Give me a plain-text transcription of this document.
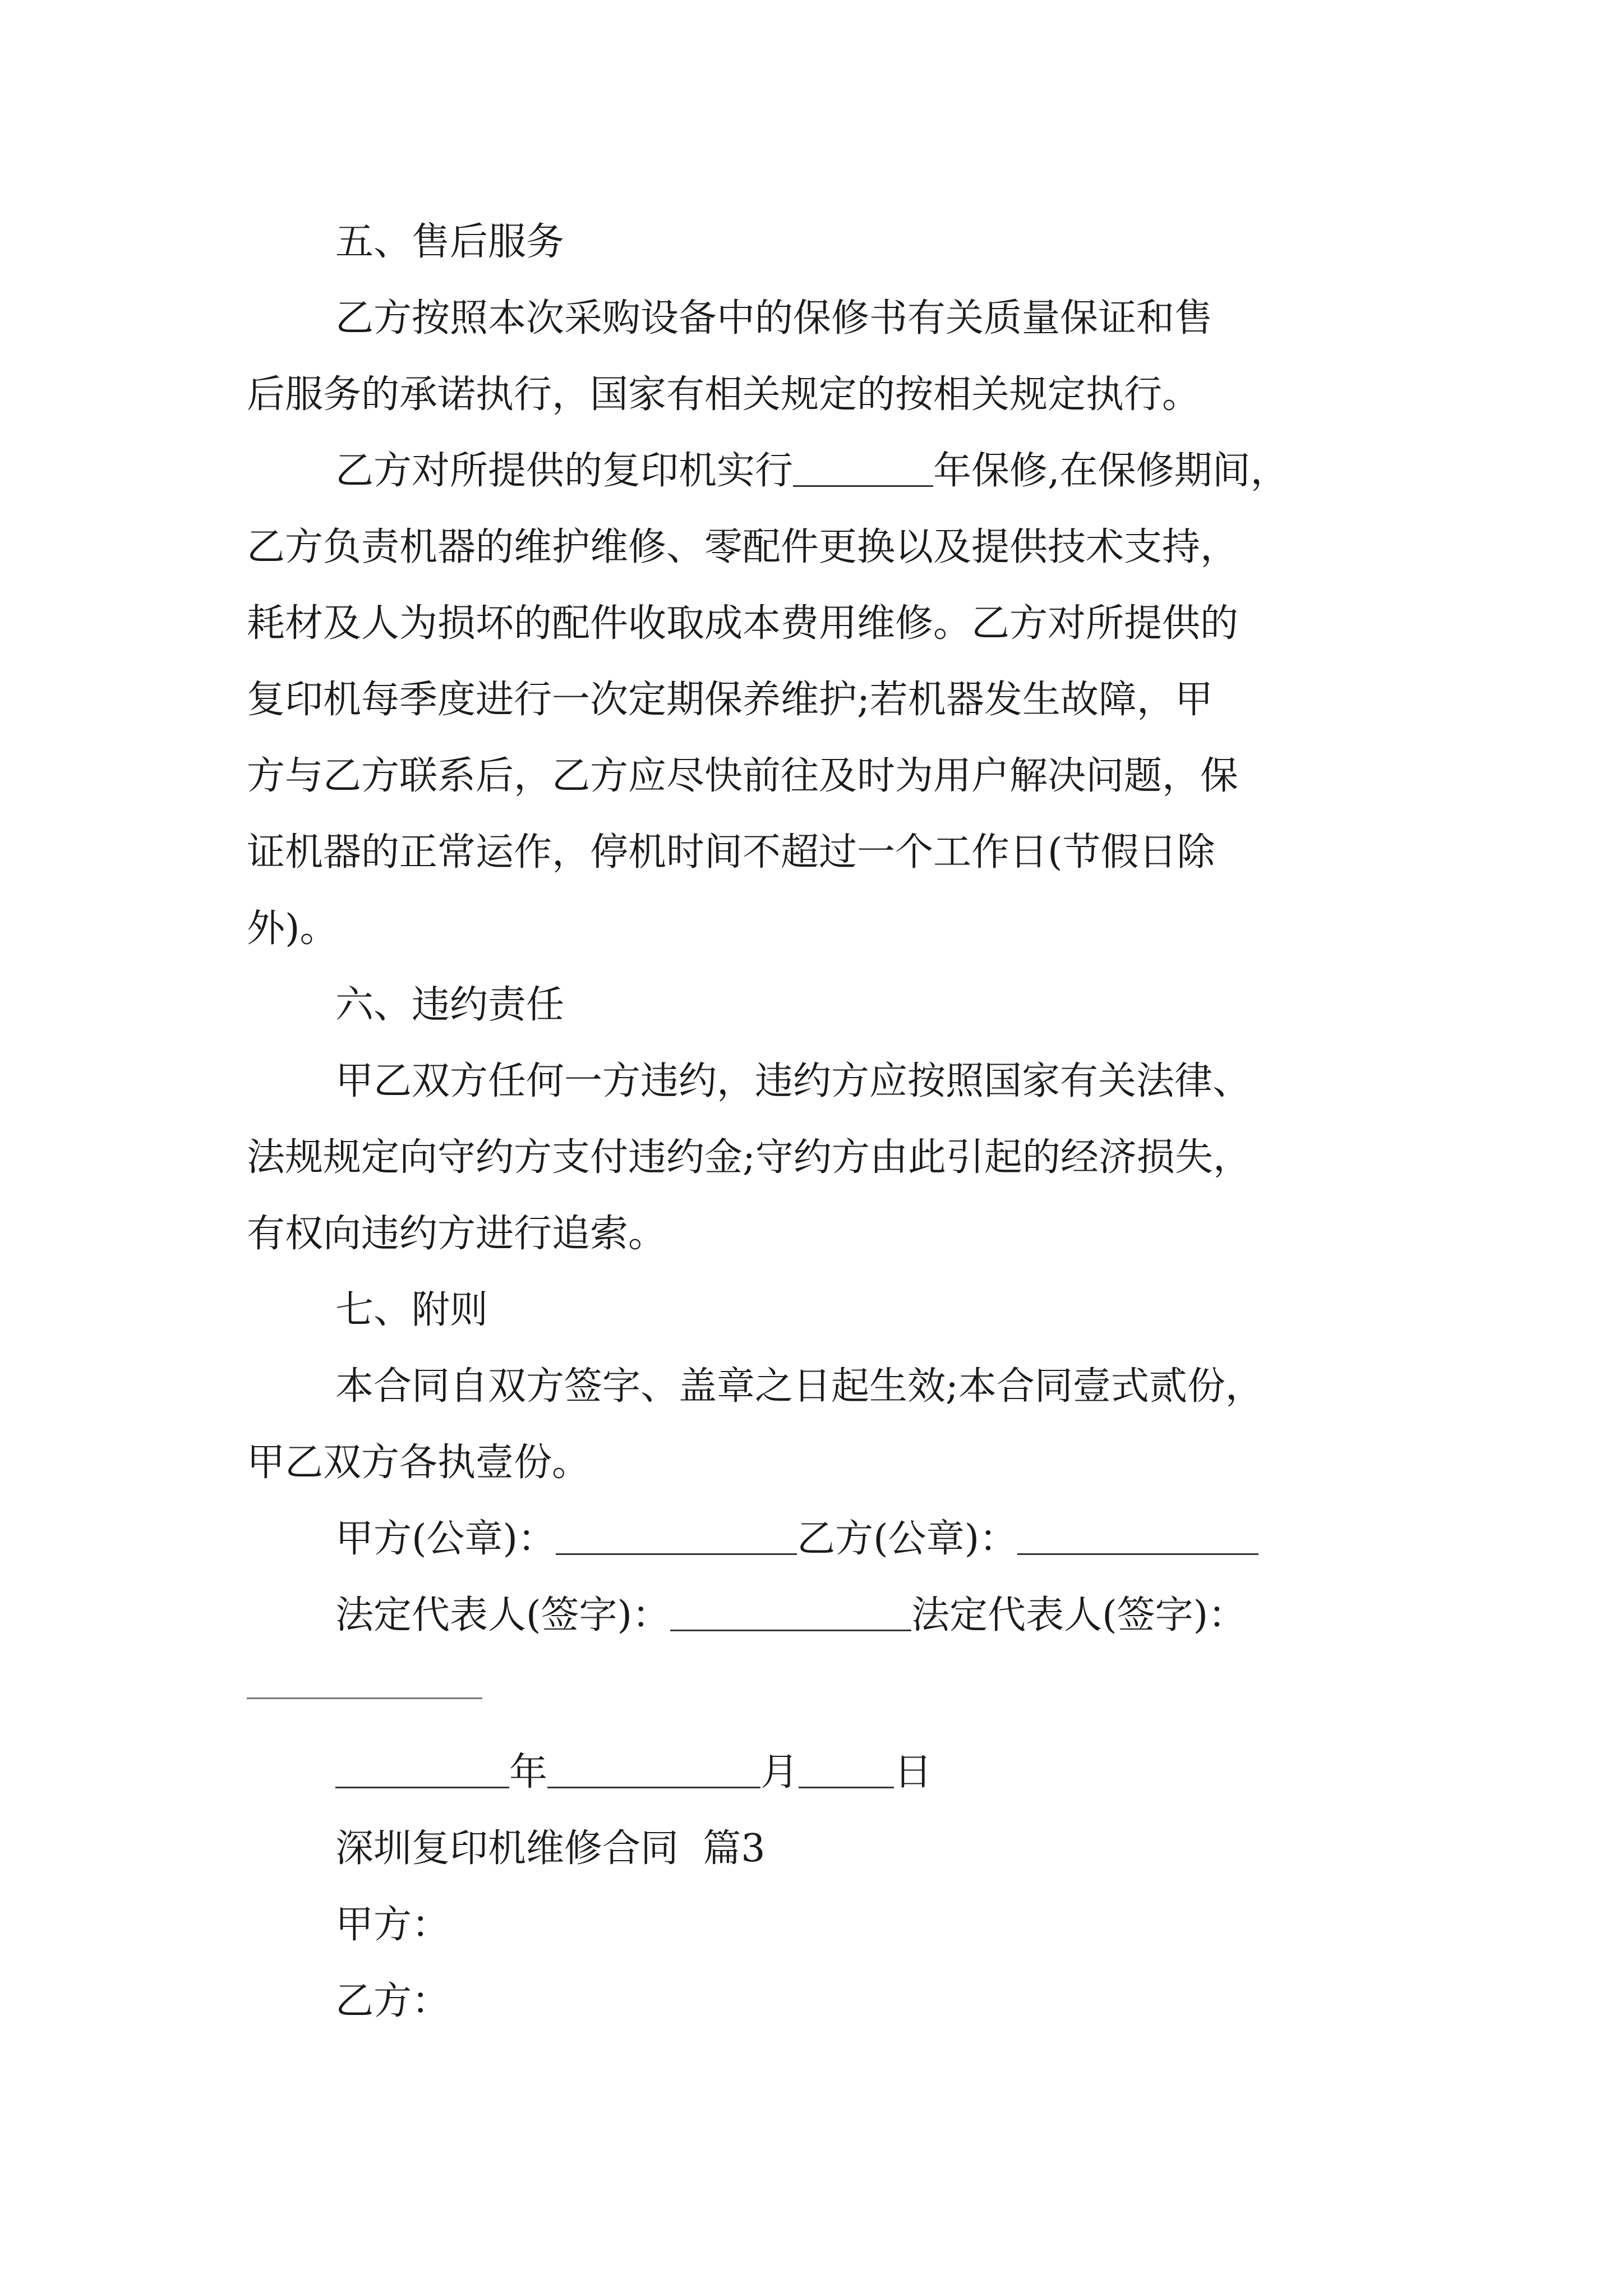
五、售后服务
乙方按照本次采购设备中的保修书有关质量保证和售
后服务的承诺执行，国家有相关规定的按相关规定执行。
乙方对所提供的复印机实行	年保修,在保修期间，
乙方负责机器的维护维修、零配件更换以及提供技术支持，
耗材及人为损坏的配件收取成本费用维修。乙方对所提供的
复印机每季度进行一次定期保养维护;若机器发生故障，甲
方与乙方联系后，乙方应尽快前往及时为用户解决问题，保
证机器的正常运作，停机时间不超过一个工作日(节假日除
外)。
六、违约责任
甲乙双方任何一方违约，违约方应按照国家有关法律、
法规规定向守约方支付违约金;守约方由此引起的经济损失，
有权向违约方进行追索。
七、附则
本合同自双方签字、盖章之日起生效;本合同壹式贰份，
甲乙双方各执壹份。
甲方(公章)：	乙方(公章)：
法定代表人(签字)：	法定代表人(签字)：
年	月	日
深圳复印机维修合同  篇3
甲方：
乙方：
